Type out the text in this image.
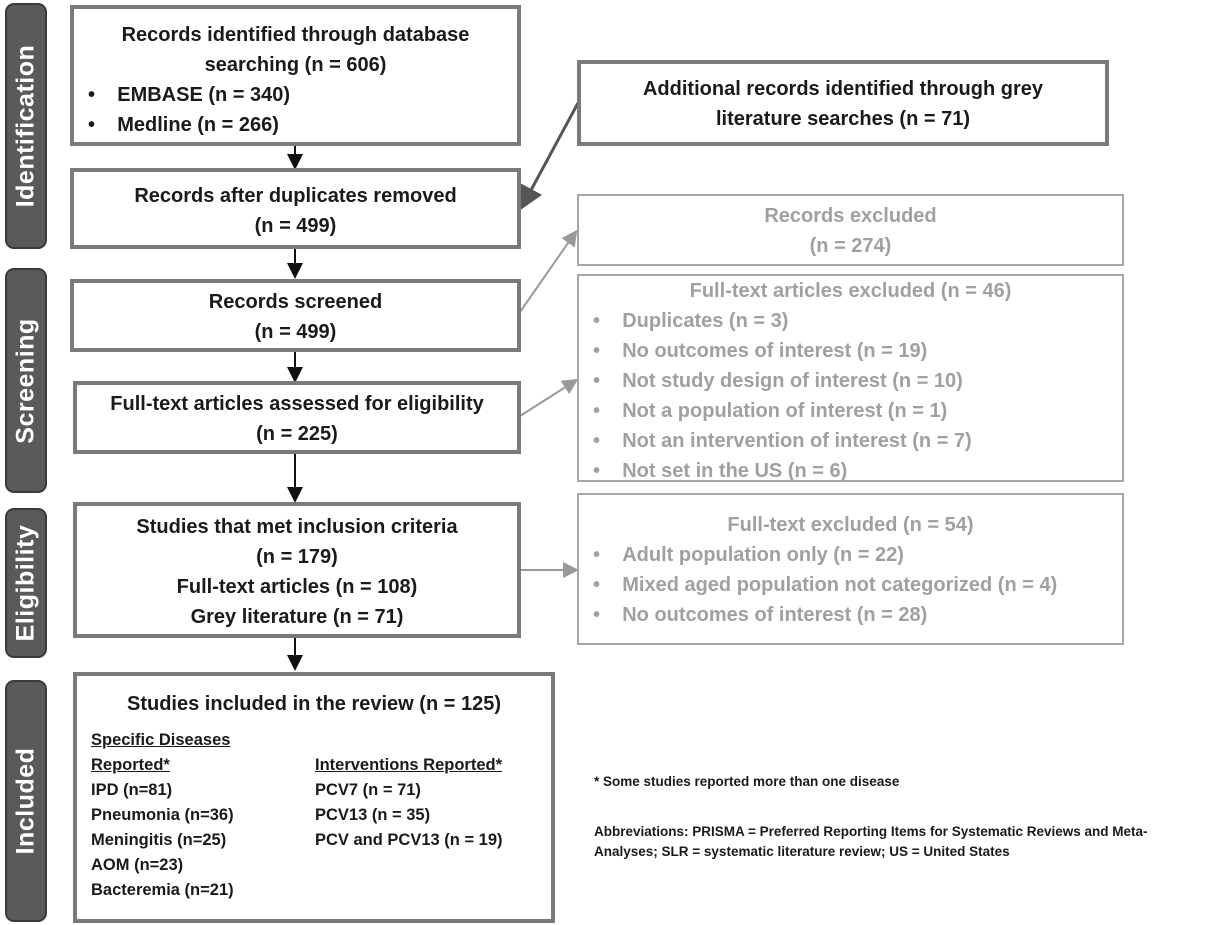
Identification
Screening
Eligibility
Included
Records identified through database
searching (n = 606)
•    EMBASE (n = 340)
•    Medline (n = 266)
Additional records identified through grey
literature searches (n = 71)
Records after duplicates removed
(n = 499)	Records excluded
(n = 274)
Records screened
(n = 499)
Full-text articles excluded (n = 46)
•    Duplicates (n = 3)
•    No outcomes of interest (n = 19)
•    Not study design of interest (n = 10)
•    Not a population of interest (n = 1)
•    Not an intervention of interest (n = 7)
•    Not set in the US (n = 6)
Full-text articles assessed for eligibility
(n = 225)
Studies that met inclusion criteria
(n = 179)
Full-text articles (n = 108)
Grey literature (n = 71)
Full-text excluded (n = 54)
•    Adult population only (n = 22)
•    Mixed aged population not categorized (n = 4)
•    No outcomes of interest (n = 28)
Studies included in the review (n = 125)
Specific Diseases
Reported*
IPD (n=81)
Pneumonia (n=36)
Meningitis (n=25)
AOM (n=23)
Bacteremia (n=21)
Interventions Reported*
PCV7 (n = 71)
PCV13 (n = 35)
PCV and PCV13 (n = 19)
* Some studies reported more than one disease
Abbreviations: PRISMA = Preferred Reporting Items for Systematic Reviews and Meta-
Analyses; SLR = systematic literature review; US = United States
